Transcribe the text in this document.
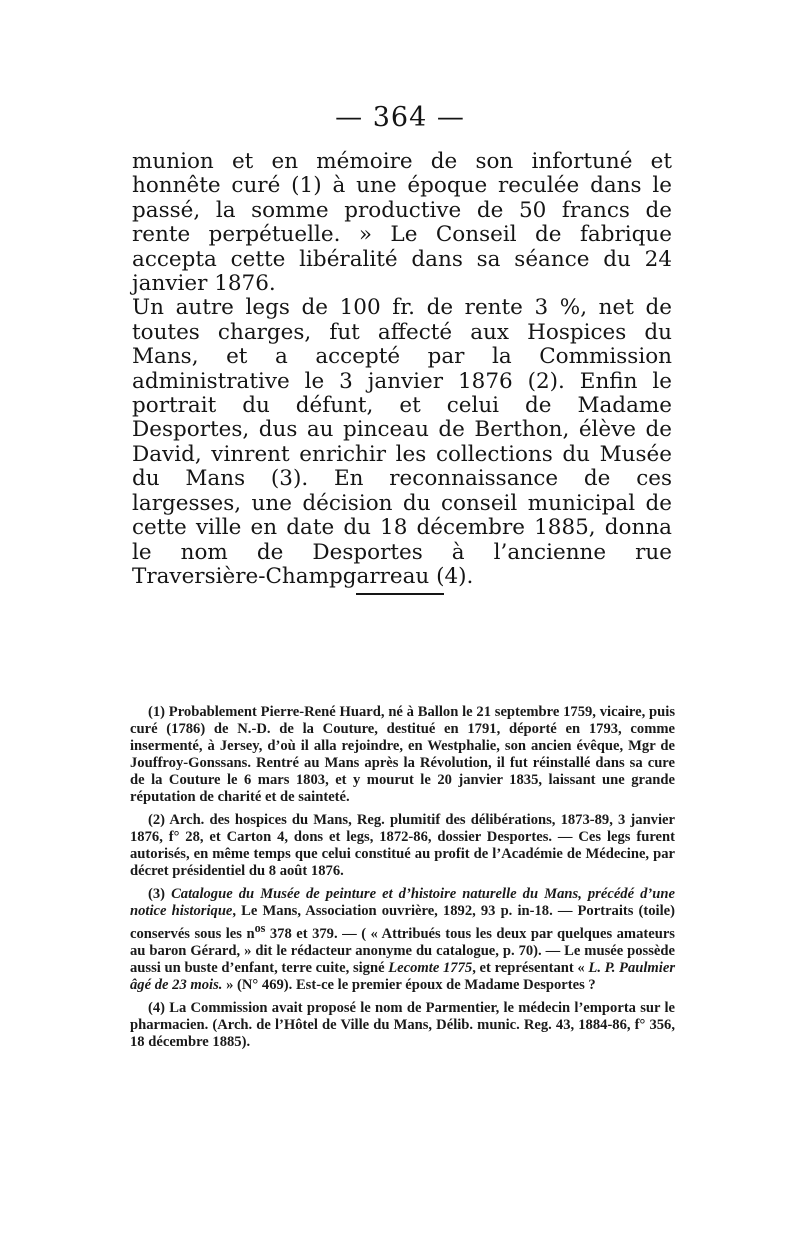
— 364 —

munion et en mémoire de son infortuné et honnête curé (1) à une époque reculée dans le passé, la somme productive de 50 francs de rente perpétuelle. » Le Conseil de fabrique accepta cette libéralité dans sa séance du 24 janvier 1876.

Un autre legs de 100 fr. de rente 3 %, net de toutes charges, fut affecté aux Hospices du Mans, et a accepté par la Commission administrative le 3 janvier 1876 (2). Enfin le portrait du défunt, et celui de Madame Desportes, dus au pinceau de Berthon, élève de David, vinrent enrichir les collections du Musée du Mans (3). En reconnaissance de ces largesses, une décision du conseil municipal de cette ville en date du 18 décembre 1885, donna le nom de Desportes à l’ancienne rue Traversière-Champgarreau (4).

(1) Probablement Pierre-René Huard, né à Ballon le 21 septembre 1759, vicaire, puis curé (1786) de N.-D. de la Couture, destitué en 1791, déporté en 1793, comme insermenté, à Jersey, d’où il alla rejoindre, en Westphalie, son ancien évêque, Mgr de Jouffroy-Gonssans. Rentré au Mans après la Révolution, il fut réinstallé dans sa cure de la Couture le 6 mars 1803, et y mourut le 20 janvier 1835, laissant une grande réputation de charité et de sainteté.

(2) Arch. des hospices du Mans, Reg. plumitif des délibérations, 1873-89, 3 janvier 1876, f° 28, et Carton 4, dons et legs, 1872-86, dossier Desportes. — Ces legs furent autorisés, en même temps que celui constitué au profit de l’Académie de Médecine, par décret présidentiel du 8 août 1876.

(3) Catalogue du Musée de peinture et d’histoire naturelle du Mans, précédé d’une notice historique, Le Mans, Association ouvrière, 1892, 93 p. in-18. — Portraits (toile) conservés sous les $n^{os}$ 378 et 379. — ( « Attribués tous les deux par quelques amateurs au baron Gérard, » dit le rédacteur anonyme du catalogue, p. 70). — Le musée possède aussi un buste d’enfant, terre cuite, signé Lecomte 1775, et représentant « L. P. Paulmier âgé de 23 mois. » (N° 469). Est-ce le premier époux de Madame Desportes ?

(4) La Commission avait proposé le nom de Parmentier, le médecin l’emporta sur le pharmacien. (Arch. de l’Hôtel de Ville du Mans, Délib. munic. Reg. 43, 1884-86, f° 356, 18 décembre 1885).
